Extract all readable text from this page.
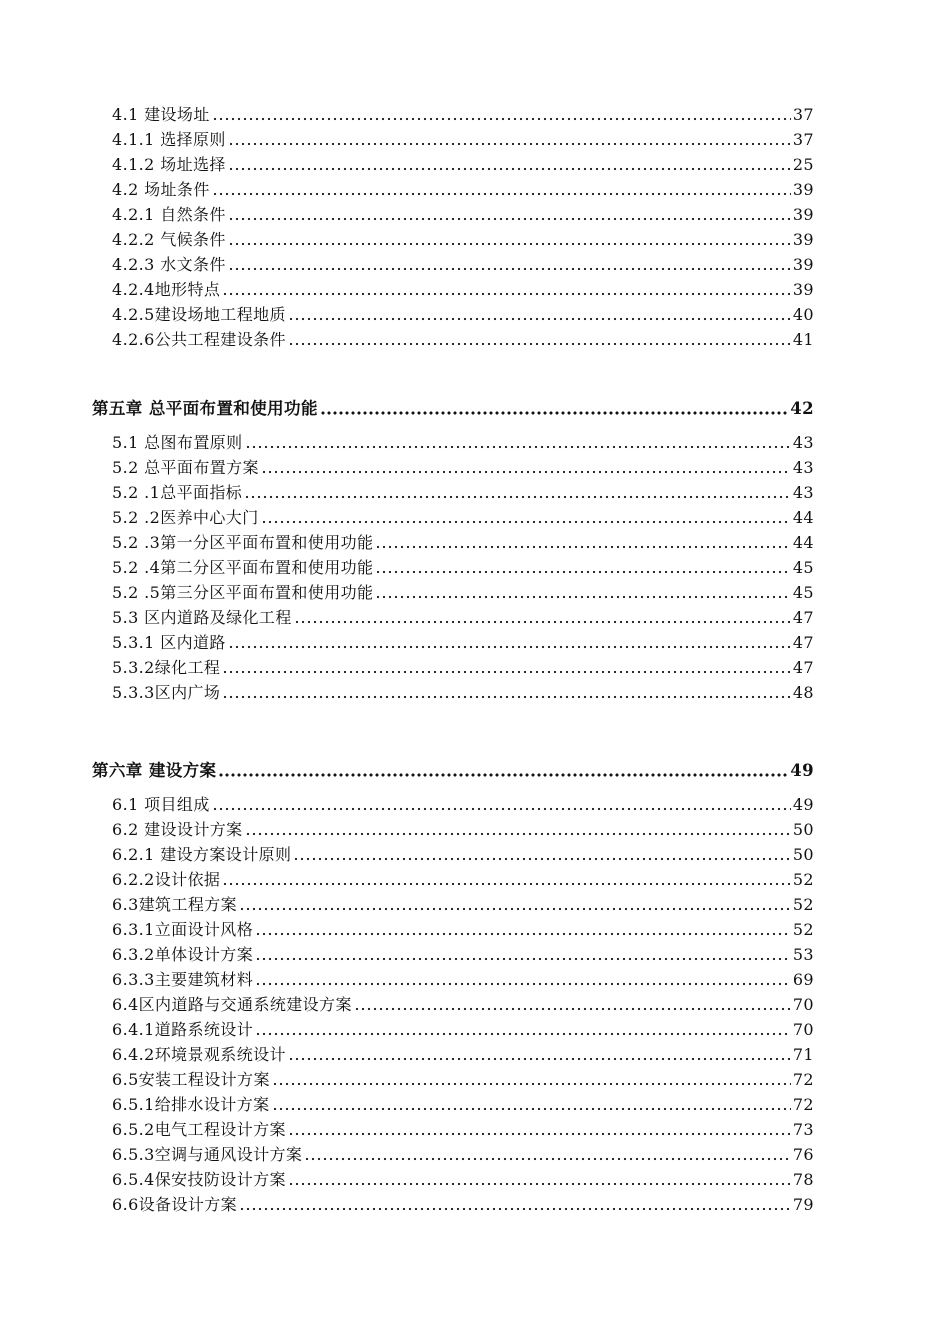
4.1 建设场址	37
4.1.1 选择原则	37
4.1.2 场址选择	25
4.2 场址条件	39
4.2.1 自然条件	39
4.2.2 气候条件	39
4.2.3 水文条件	39
4.2.4地形特点	39
4.2.5建设场地工程地质	40
4.2.6公共工程建设条件	41
第五章 总平面布置和使用功能	42
5.1 总图布置原则	43
5.2 总平面布置方案	43
5.2 .1总平面指标	43
5.2 .2医养中心大门	44
5.2 .3第一分区平面布置和使用功能	44
5.2 .4第二分区平面布置和使用功能	45
5.2 .5第三分区平面布置和使用功能	45
5.3 区内道路及绿化工程	47
5.3.1 区内道路	47
5.3.2绿化工程	47
5.3.3区内广场	48
第六章 建设方案	49
6.1 项目组成	49
6.2 建设设计方案	50
6.2.1 建设方案设计原则	50
6.2.2设计依据	52
6.3建筑工程方案	52
6.3.1立面设计风格	52
6.3.2单体设计方案	53
6.3.3主要建筑材料	69
6.4区内道路与交通系统建设方案	70
6.4.1道路系统设计	70
6.4.2环境景观系统设计	71
6.5安装工程设计方案	72
6.5.1给排水设计方案	72
6.5.2电气工程设计方案	73
6.5.3空调与通风设计方案	76
6.5.4保安技防设计方案	78
6.6设备设计方案	79
